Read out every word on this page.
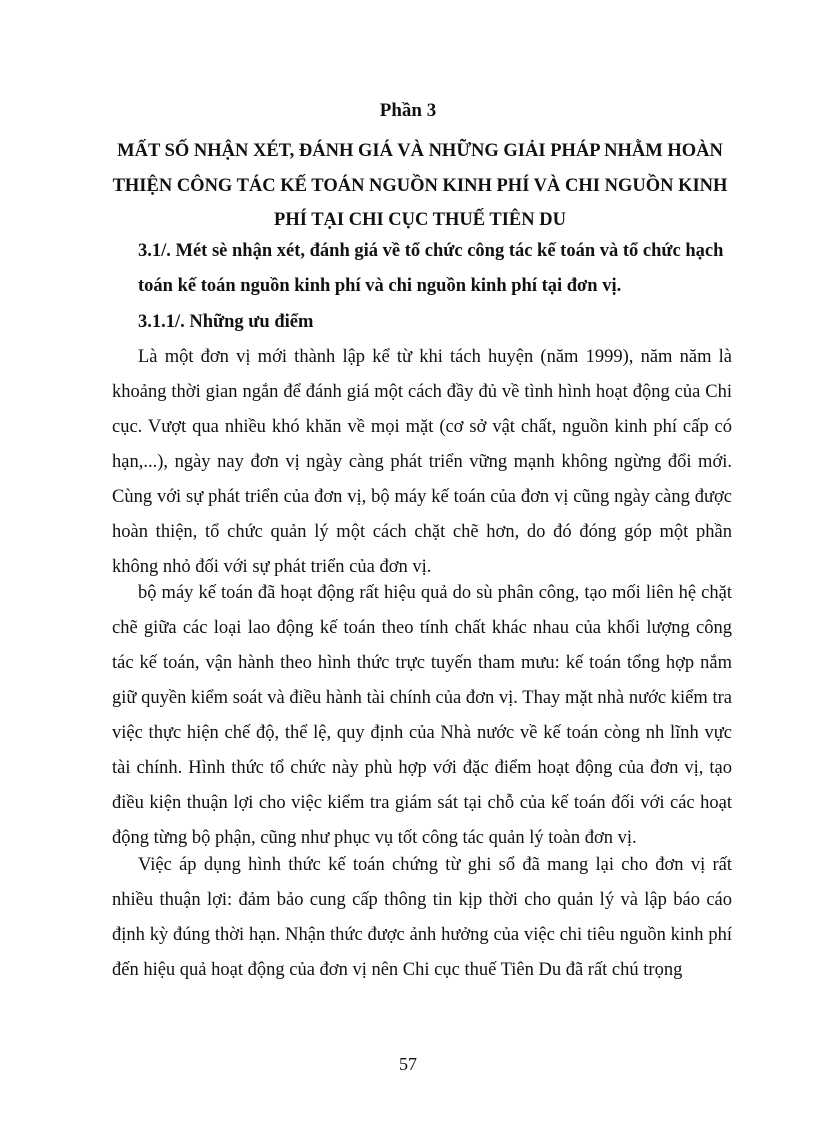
Phần 3
MẤT SỐ NHẬN XÉT, ĐÁNH GIÁ VÀ NHỮNG GIẢI PHÁP NHẰM HOÀN THIỆN CÔNG TÁC KẾ TOÁN NGUỒN KINH PHÍ VÀ CHI NGUỒN KINH PHÍ TẠI CHI CỤC THUẾ TIÊN DU
3.1/. Mét sè nhận xét, đánh giá về tổ chức công tác kế toán và tổ chức hạch toán kế toán nguồn kinh phí và chi nguồn kinh phí tại đơn vị.
3.1.1/. Những ưu điểm
Là một đơn vị mới thành lập kể từ khi tách huyện (năm 1999), năm năm là khoảng thời gian ngắn để đánh giá một cách đầy đủ về tình hình hoạt động của Chi cục. Vượt qua nhiều khó khăn về mọi mặt (cơ sở vật chất, nguồn kinh phí cấp có hạn,...), ngày nay đơn vị ngày càng phát triển vững mạnh không ngừng đổi mới. Cùng với sự phát triển của đơn vị, bộ máy kế toán của đơn vị cũng ngày càng được hoàn thiện, tổ chức quản lý một cách chặt chẽ hơn, do đó đóng góp một phần không nhỏ đối với sự phát triển của đơn vị.
bộ máy kế toán đã hoạt động rất hiệu quả do sù phân công, tạo mối liên hệ chặt chẽ giữa các loại lao động kế toán theo tính chất khác nhau của khối lượng công tác kế toán, vận hành theo hình thức trực tuyến tham mưu: kế toán tổng hợp nắm giữ quyền kiểm soát và điều hành tài chính của đơn vị. Thay mặt nhà nước kiểm tra việc thực hiện chế độ, thể lệ, quy định của Nhà nước về kế toán còng nh lĩnh vực tài chính. Hình thức tổ chức này phù hợp với đặc điểm hoạt động của đơn vị, tạo điều kiện thuận lợi cho việc kiểm tra giám sát tại chỗ của kế toán đối với các hoạt động từng bộ phận, cũng như phục vụ tốt công tác quản lý toàn đơn vị.
Việc áp dụng hình thức kế toán chứng từ ghi sổ đã mang lại cho đơn vị rất nhiều thuận lợi: đảm bảo cung cấp thông tin kịp thời cho quản lý và lập báo cáo định kỳ đúng thời hạn. Nhận thức được ảnh hưởng của việc chi tiêu nguồn kinh phí đến hiệu quả hoạt động của đơn vị nên Chi cục thuế Tiên Du đã rất chú trọng
57
